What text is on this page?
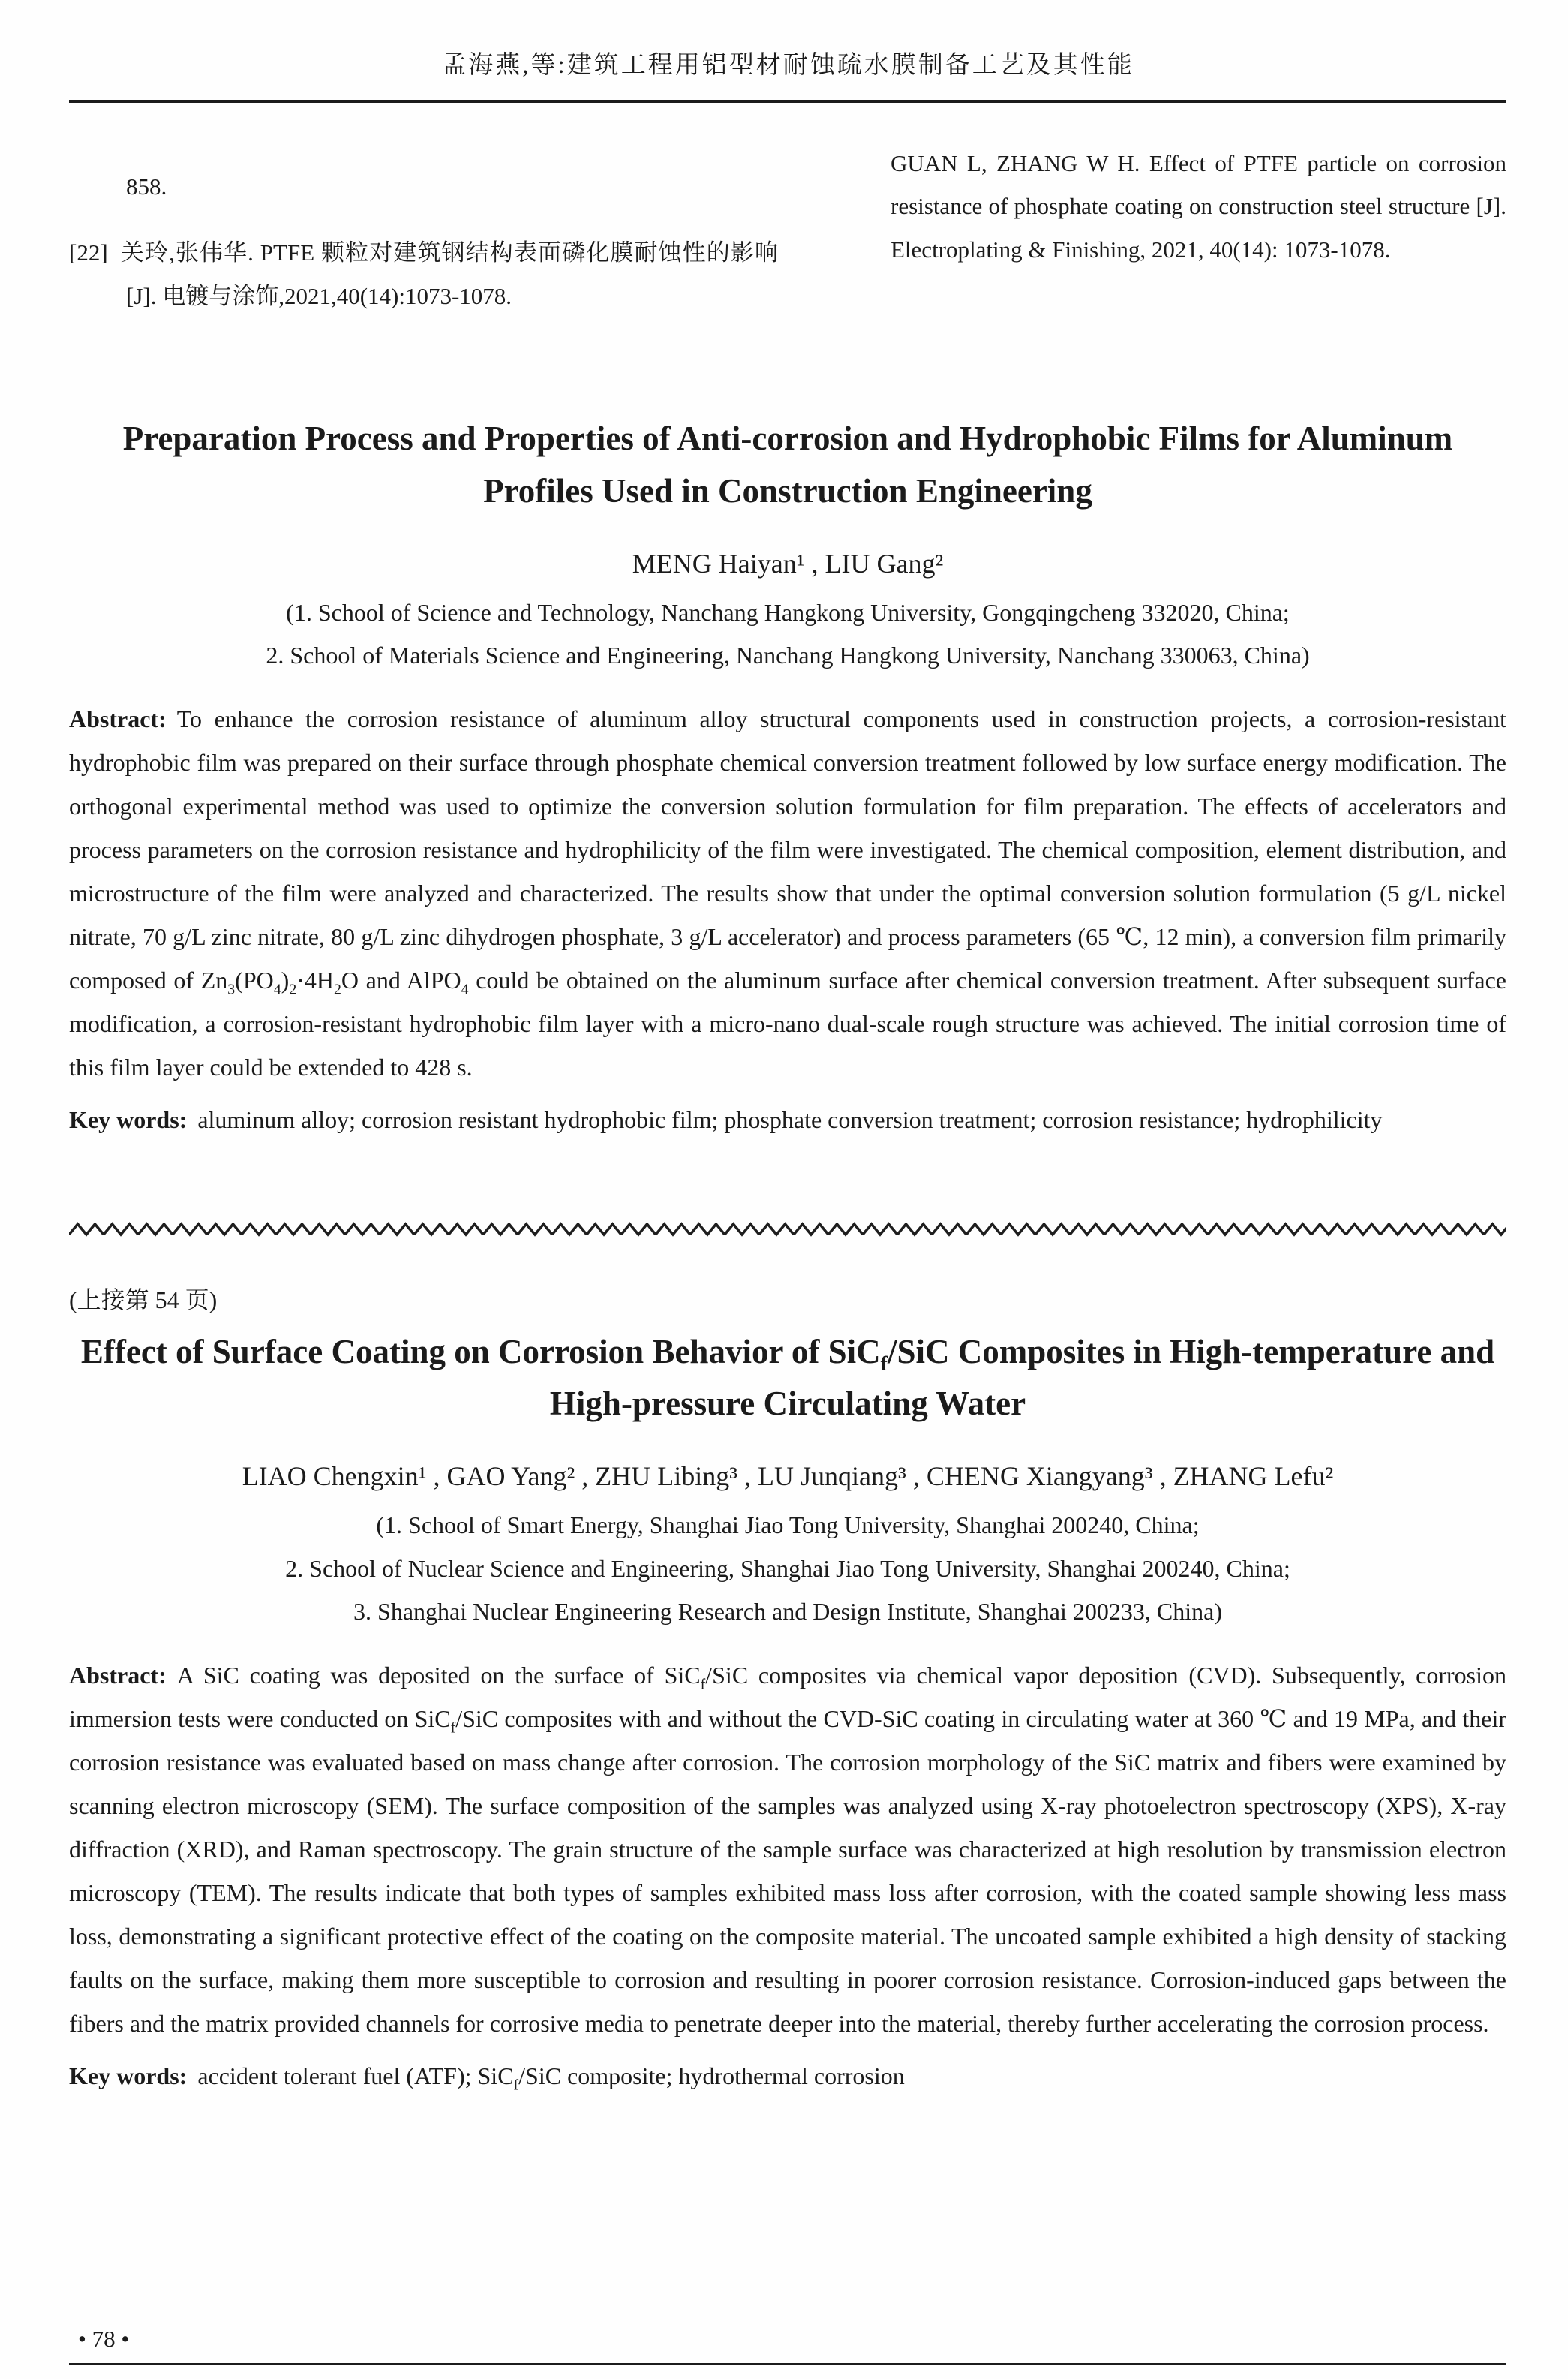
孟海燕,等:建筑工程用铝型材耐蚀疏水膜制备工艺及其性能

858.

[22] 关玲,张伟华. PTFE 颗粒对建筑钢结构表面磷化膜耐蚀性的影响[J]. 电镀与涂饰,2021,40(14):1073-1078.

GUAN L, ZHANG W H. Effect of PTFE particle on corrosion resistance of phosphate coating on construction steel structure [J]. Electroplating & Finishing, 2021, 40(14): 1073-1078.

Preparation Process and Properties of Anti-corrosion and Hydrophobic Films for Aluminum Profiles Used in Construction Engineering
MENG Haiyan¹ , LIU Gang²
(1. School of Science and Technology, Nanchang Hangkong University, Gongqingcheng 332020, China;
2. School of Materials Science and Engineering, Nanchang Hangkong University, Nanchang 330063, China)

Abstract: To enhance the corrosion resistance of aluminum alloy structural components used in construction projects, a corrosion-resistant hydrophobic film was prepared on their surface through phosphate chemical conversion treatment followed by low surface energy modification. The orthogonal experimental method was used to optimize the conversion solution formulation for film preparation. The effects of accelerators and process parameters on the corrosion resistance and hydrophilicity of the film were investigated. The chemical composition, element distribution, and microstructure of the film were analyzed and characterized. The results show that under the optimal conversion solution formulation (5 g/L nickel nitrate, 70 g/L zinc nitrate, 80 g/L zinc dihydrogen phosphate, 3 g/L accelerator) and process parameters (65 ℃, 12 min), a conversion film primarily composed of $Zn_3(PO_4)_2\cdot 4H_2O$ and AlPO$_4$ could be obtained on the aluminum surface after chemical conversion treatment. After subsequent surface modification, a corrosion-resistant hydrophobic film layer with a micro-nano dual-scale rough structure was achieved. The initial corrosion time of this film layer could be extended to 428 s.

Key words: aluminum alloy; corrosion resistant hydrophobic film; phosphate conversion treatment; corrosion resistance; hydrophilicity

(上接第 54 页)
Effect of Surface Coating on Corrosion Behavior of SiC$_f$/SiC Composites in High-temperature and High-pressure Circulating Water
LIAO Chengxin¹ , GAO Yang² , ZHU Libing³ , LU Junqiang³ , CHENG Xiangyang³ , ZHANG Lefu²
(1. School of Smart Energy, Shanghai Jiao Tong University, Shanghai 200240, China;
2. School of Nuclear Science and Engineering, Shanghai Jiao Tong University, Shanghai 200240, China;
3. Shanghai Nuclear Engineering Research and Design Institute, Shanghai 200233, China)

Abstract: A SiC coating was deposited on the surface of SiC$_f$/SiC composites via chemical vapor deposition (CVD). Subsequently, corrosion immersion tests were conducted on SiC$_f$/SiC composites with and without the CVD-SiC coating in circulating water at 360 ℃ and 19 MPa, and their corrosion resistance was evaluated based on mass change after corrosion. The corrosion morphology of the SiC matrix and fibers were examined by scanning electron microscopy (SEM). The surface composition of the samples was analyzed using X-ray photoelectron spectroscopy (XPS), X-ray diffraction (XRD), and Raman spectroscopy. The grain structure of the sample surface was characterized at high resolution by transmission electron microscopy (TEM). The results indicate that both types of samples exhibited mass loss after corrosion, with the coated sample showing less mass loss, demonstrating a significant protective effect of the coating on the composite material. The uncoated sample exhibited a high density of stacking faults on the surface, making them more susceptible to corrosion and resulting in poorer corrosion resistance. Corrosion-induced gaps between the fibers and the matrix provided channels for corrosive media to penetrate deeper into the material, thereby further accelerating the corrosion process.

Key words: accident tolerant fuel (ATF); SiC$_f$/SiC composite; hydrothermal corrosion

• 78 •
